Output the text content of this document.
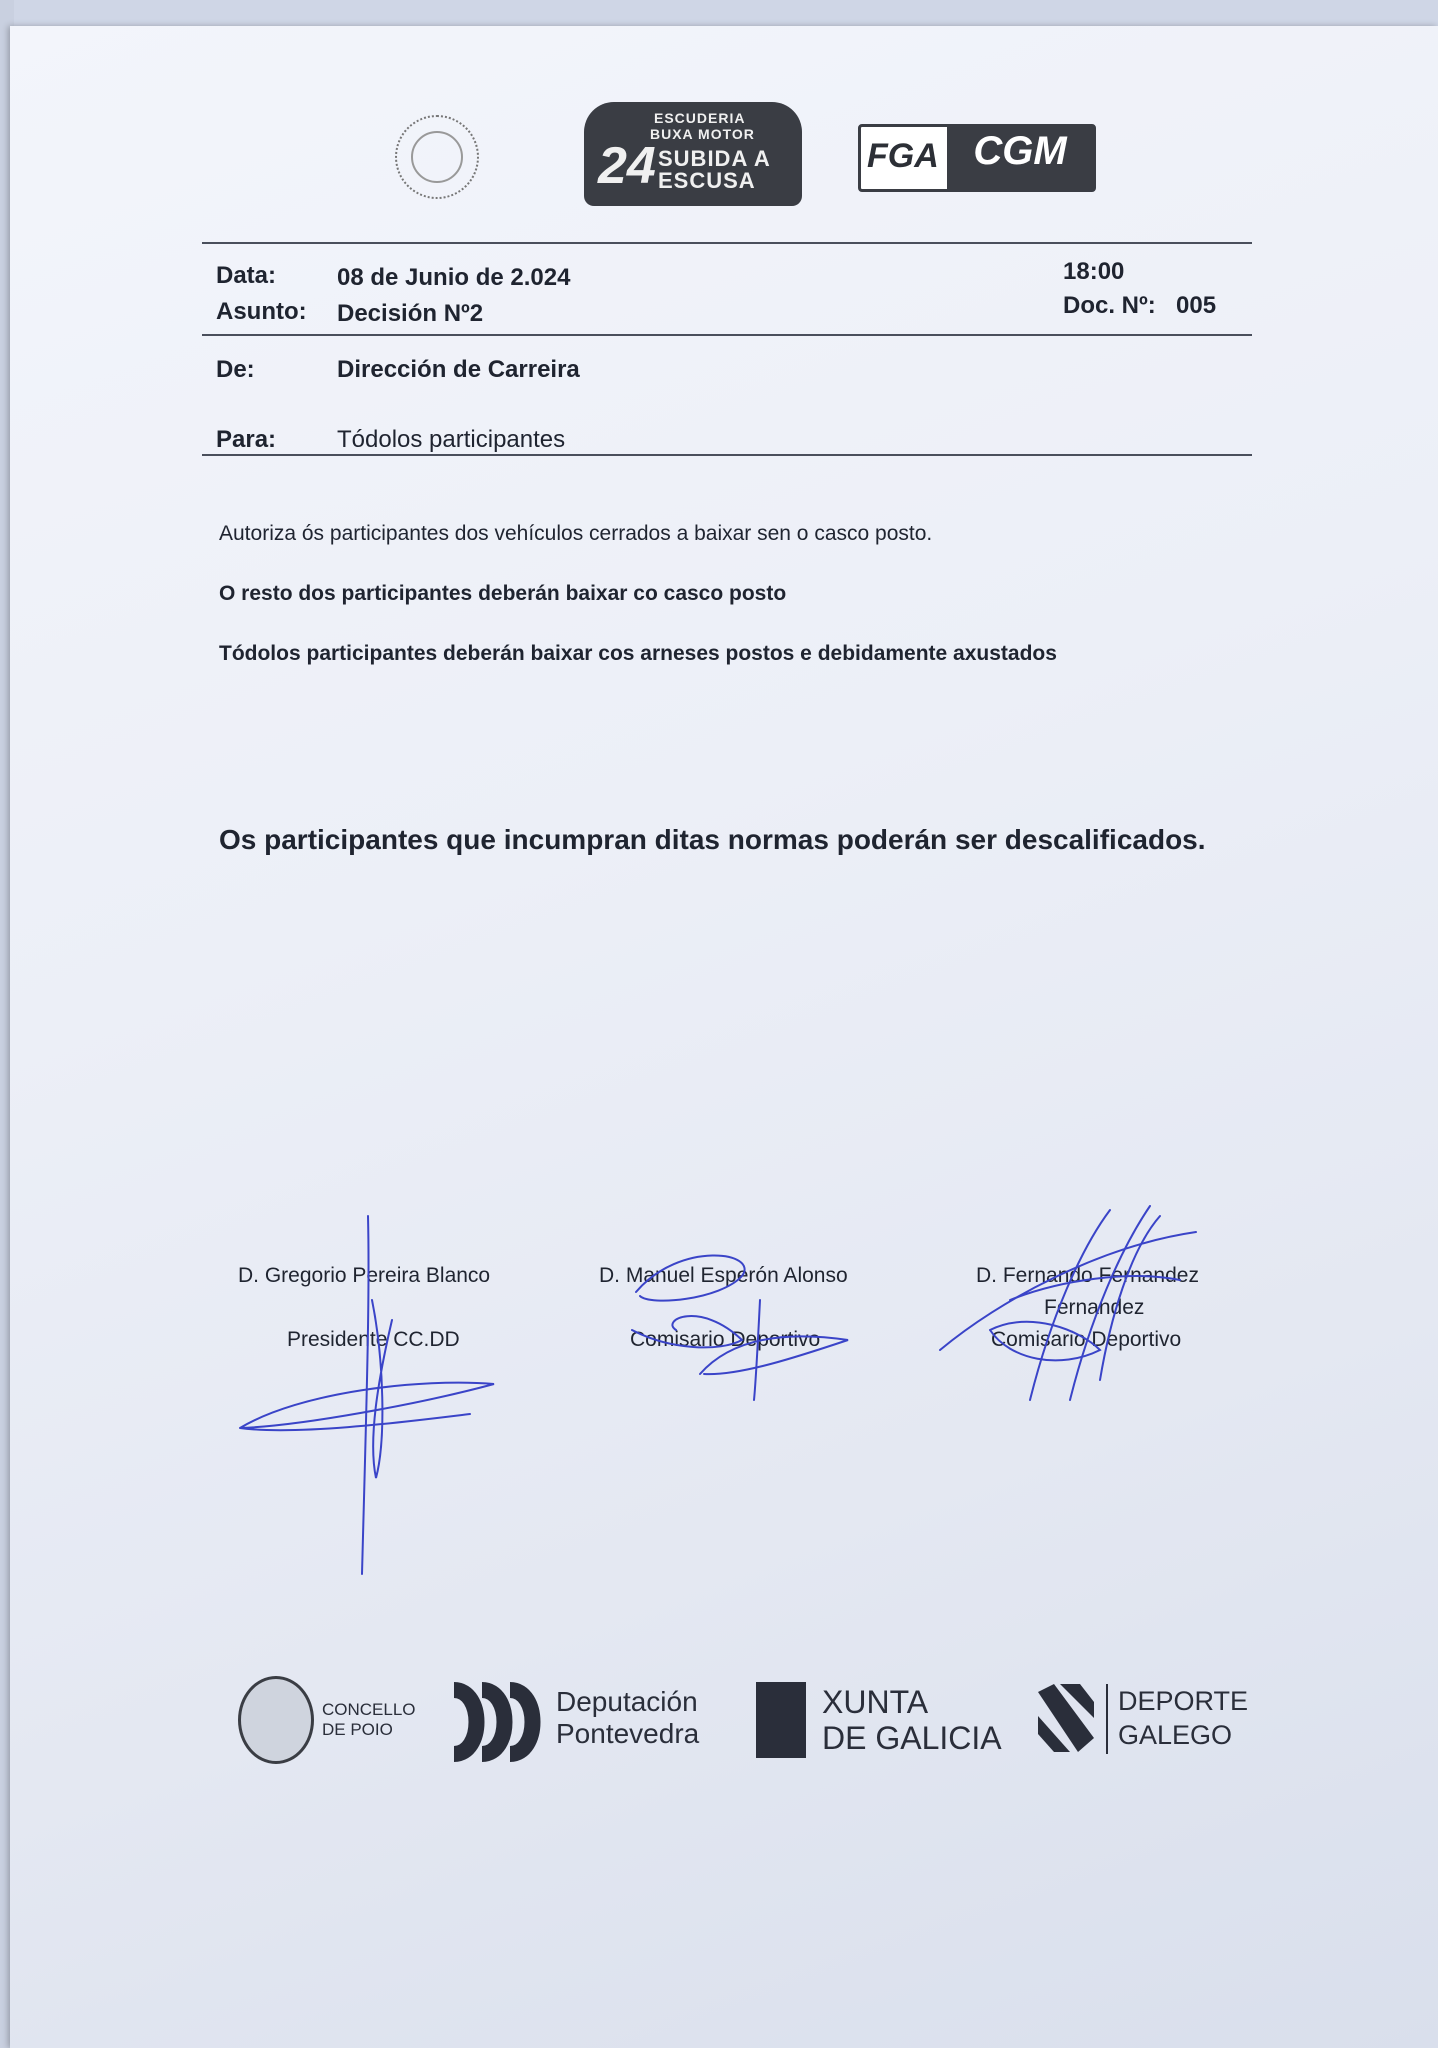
ESCUDERIA
BUXA MOTOR
24 SUBIDA A
ESCUSA
FGA CGM
Data:	08 de Junio de 2.024	18:00
Asunto: Decisión Nº2	Doc. Nº: 005
De:	Dirección de Carreira
Para:	Tódolos participantes
Autoriza ós participantes dos vehículos cerrados a baixar sen o casco posto.
O resto dos participantes deberán baixar co casco posto
Tódolos participantes deberán baixar cos arneses postos e debidamente axustados
Os participantes que incumpran ditas normas poderán ser descalificados.
D. Gregorio Pereira Blanco
Presidente CC.DD
D. Manuel Esperón Alonso
Comisario Deportivo
D. Fernando Fernandez
Fernandez
Comisario Deportivo
CONCELLO
DE POIO
Deputación
Pontevedra
XUNTA
DE GALICIA
DEPORTE
GALEGO
